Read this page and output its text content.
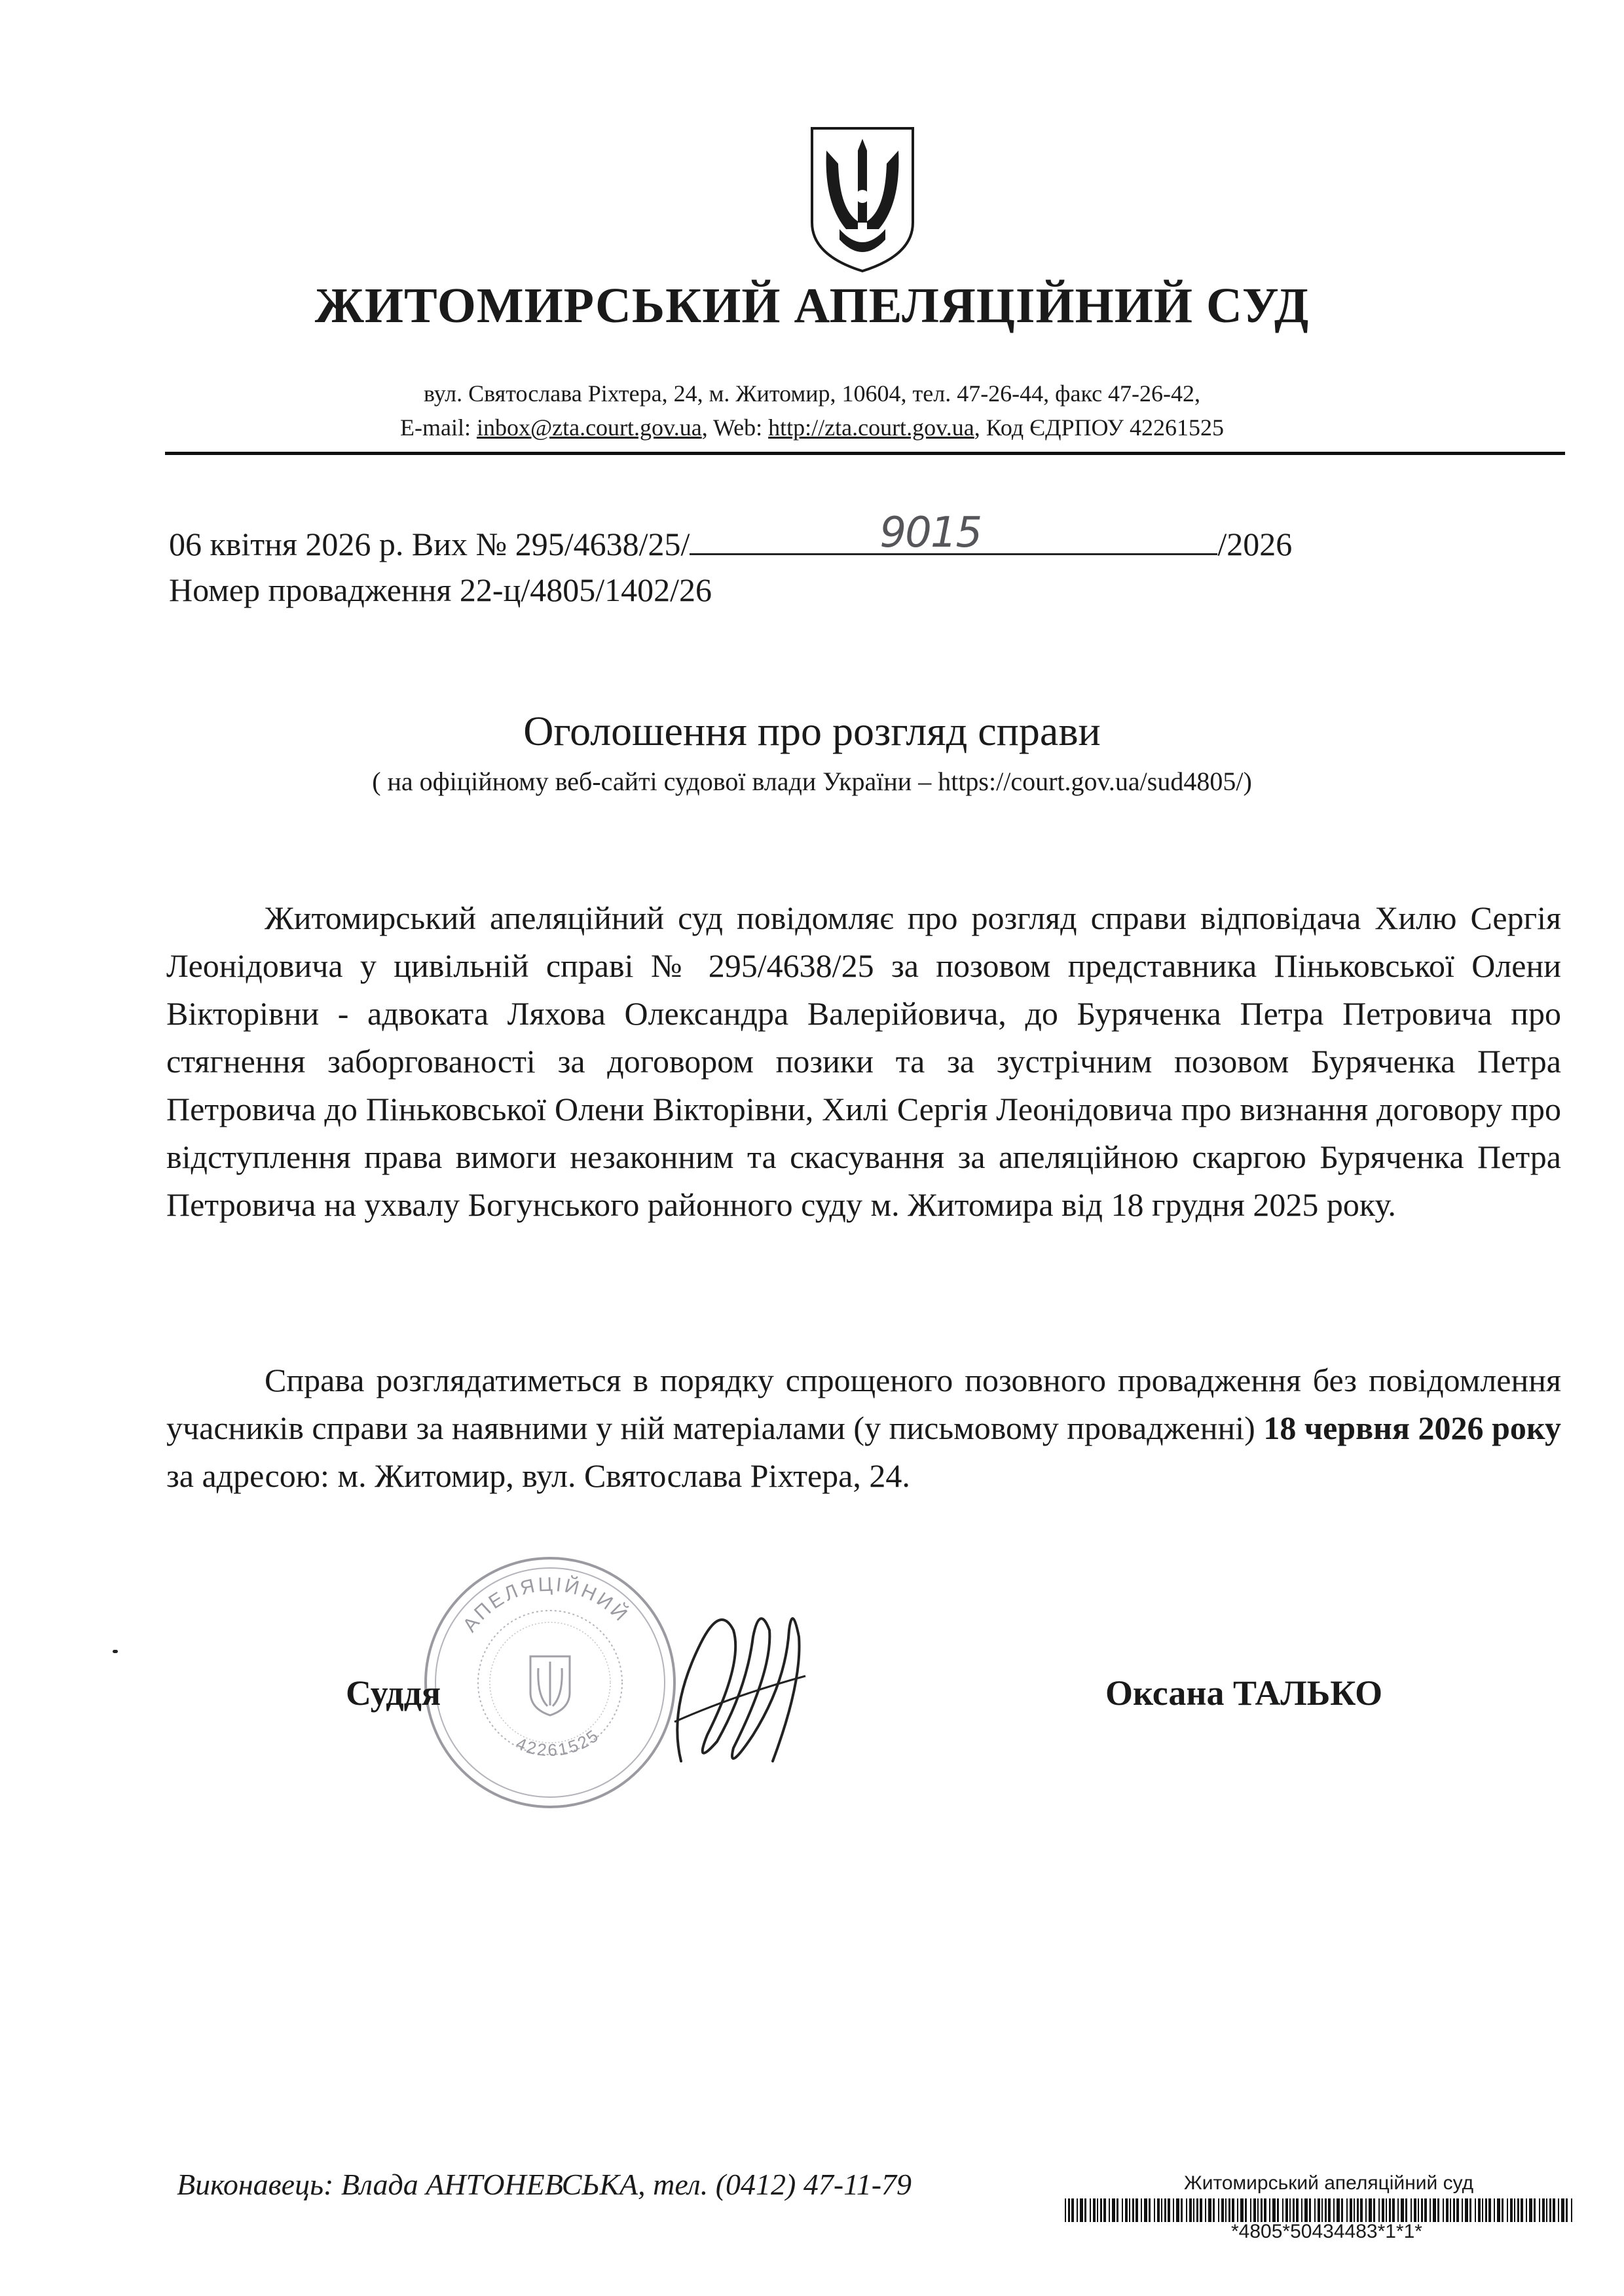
ЖИТОМИРСЬКИЙ АПЕЛЯЦІЙНИЙ СУД
вул. Святослава Ріхтера, 24, м. Житомир, 10604, тел. 47-26-44, факс 47-26-42,
E-mail: inbox@zta.court.gov.ua, Web: http://zta.court.gov.ua, Код ЄДРПОУ 42261525
06 квітня 2026 р. Вих № 295/4638/25/	9015	/2026
Номер провадження 22-ц/4805/1402/26
Оголошення про розгляд справи
( на офіційному веб-сайті судової влади України – https://court.gov.ua/sud4805/)
Житомирський апеляційний суд повідомляє про розгляд справи відповідача Хилю Сергія Леонідовича у цивільній справі № 295/4638/25 за позовом представника Піньковської Олени Вікторівни - адвоката Ляхова Олександра Валерійовича, до Буряченка Петра Петровича про стягнення заборгованості за договором позики та за зустрічним позовом Буряченка Петра Петровича до Піньковської Олени Вікторівни, Хилі Сергія Леонідовича про визнання договору про відступлення права вимоги незаконним та скасування за апеляційною скаргою Буряченка Петра Петровича на ухвалу Богунського районного суду м. Житомира від 18 грудня 2025 року.
Справа розглядатиметься в порядку спрощеного позовного провадження без повідомлення учасників справи за наявними у ній матеріалами (у письмовому провадженні) 18 червня 2026 року за адресою: м. Житомир, вул. Святослава Ріхтера, 24.
АПЕЛЯЦІЙНИЙ
42261525
Суддя	Оксана ТАЛЬКО
Виконавець: Влада АНТОНЕВСЬКА, тел. (0412) 47-11-79	Житомирський апеляційний суд
*4805*50434483*1*1*
